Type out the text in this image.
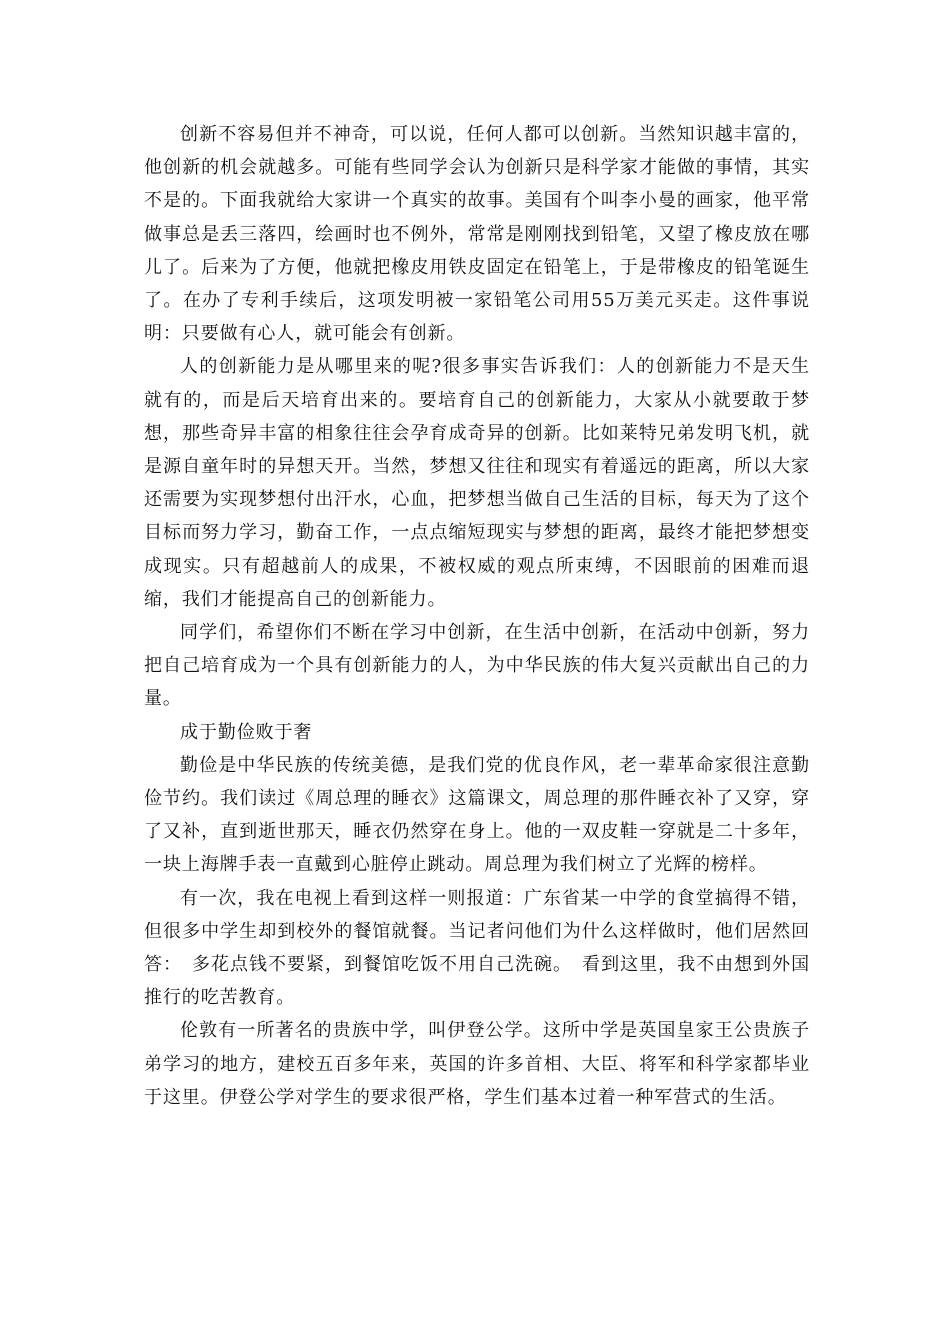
创新不容易但并不神奇，可以说，任何人都可以创新。当然知识越丰富的，他创新的机会就越多。可能有些同学会认为创新只是科学家才能做的事情，其实不是的。下面我就给大家讲一个真实的故事。美国有个叫李小曼的画家，他平常做事总是丢三落四，绘画时也不例外，常常是刚刚找到铅笔，又望了橡皮放在哪儿了。后来为了方便，他就把橡皮用铁皮固定在铅笔上，于是带橡皮的铅笔诞生了。在办了专利手续后，这项发明被一家铅笔公司用55万美元买走。这件事说明：只要做有心人，就可能会有创新。

人的创新能力是从哪里来的呢?很多事实告诉我们：人的创新能力不是天生就有的，而是后天培育出来的。要培育自己的创新能力，大家从小就要敢于梦想，那些奇异丰富的相象往往会孕育成奇异的创新。比如莱特兄弟发明飞机，就是源自童年时的异想天开。当然，梦想又往往和现实有着遥远的距离，所以大家还需要为实现梦想付出汗水，心血，把梦想当做自己生活的目标，每天为了这个目标而努力学习，勤奋工作，一点点缩短现实与梦想的距离，最终才能把梦想变成现实。只有超越前人的成果，不被权威的观点所束缚，不因眼前的困难而退缩，我们才能提高自己的创新能力。

同学们，希望你们不断在学习中创新，在生活中创新，在活动中创新，努力把自己培育成为一个具有创新能力的人，为中华民族的伟大复兴贡献出自己的力量。

成于勤俭败于奢

勤俭是中华民族的传统美德，是我们党的优良作风，老一辈革命家很注意勤俭节约。我们读过《周总理的睡衣》这篇课文，周总理的那件睡衣补了又穿，穿了又补，直到逝世那天，睡衣仍然穿在身上。他的一双皮鞋一穿就是二十多年，一块上海牌手表一直戴到心脏停止跳动。周总理为我们树立了光辉的榜样。

有一次，我在电视上看到这样一则报道：广东省某一中学的食堂搞得不错，但很多中学生却到校外的餐馆就餐。当记者问他们为什么这样做时，他们居然回答：　多花点钱不要紧，到餐馆吃饭不用自己洗碗。　看到这里，我不由想到外国推行的吃苦教育。

伦敦有一所著名的贵族中学，叫伊登公学。这所中学是英国皇家王公贵族子弟学习的地方，建校五百多年来，英国的许多首相、大臣、将军和科学家都毕业于这里。伊登公学对学生的要求很严格，学生们基本过着一种军营式的生活。
